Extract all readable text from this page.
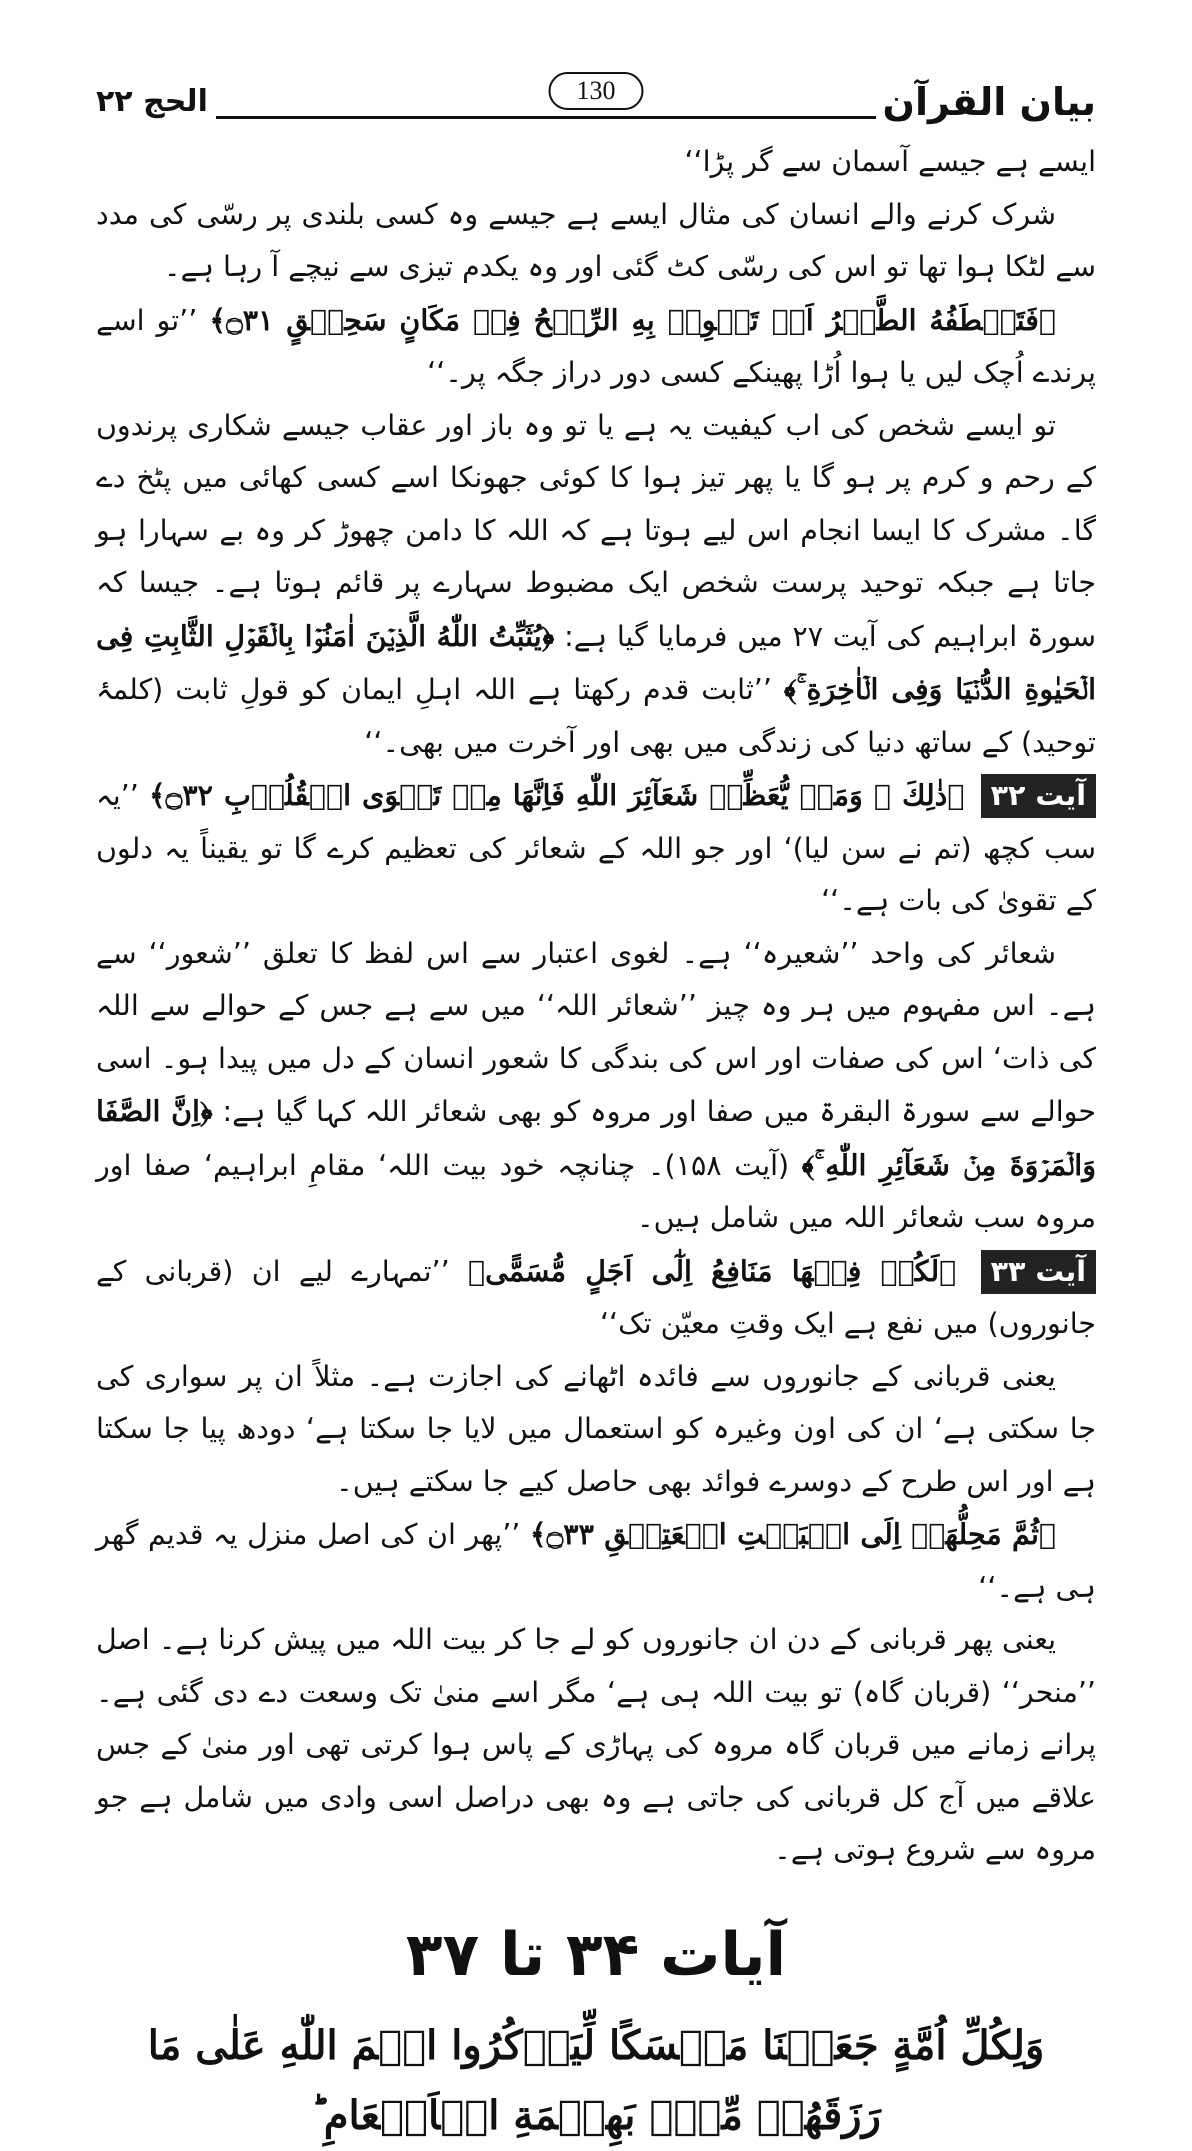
بیان القرآن
130
الحج ۲۲

ایسے ہے جیسے آسمان سے گر پڑا‘‘

شرک کرنے والے انسان کی مثال ایسے ہے جیسے وہ کسی بلندی پر رسّی کی مدد سے لٹکا ہوا تھا تو اس کی رسّی کٹ گئی اور وہ یکدم تیزی سے نیچے آ رہا ہے۔

﴿فَتَخۡطَفُهُ الطَّيۡرُ اَوۡ تَهۡوِیۡ بِهِ الرِّيۡحُ فِیۡ مَكَانٍ سَحِيۡقٍ ۝۳۱﴾ ’’تو اسے پرندے اُچک لیں یا ہوا اُڑا پھینکے کسی دور دراز جگہ پر۔‘‘

تو ایسے شخص کی اب کیفیت یہ ہے یا تو وہ باز اور عقاب جیسے شکاری پرندوں کے رحم و کرم پر ہو گا یا پھر تیز ہوا کا کوئی جھونکا اسے کسی کھائی میں پٹخ دے گا۔ مشرک کا ایسا انجام اس لیے ہوتا ہے کہ اللہ کا دامن چھوڑ کر وہ بے سہارا ہو جاتا ہے جبکہ توحید پرست شخص ایک مضبوط سہارے پر قائم ہوتا ہے۔ جیسا کہ سورۃ ابراہیم کی آیت ۲۷ میں فرمایا گیا ہے: ﴿يُثَبِّتُ اللّٰهُ الَّذِيۡنَ اٰمَنُوۡا بِالۡقَوۡلِ الثَّابِتِ فِی الۡحَيٰوةِ الدُّنۡيَا وَفِی الۡاٰخِرَةِ ۚ﴾ ’’ثابت قدم رکھتا ہے اللہ اہلِ ایمان کو قولِ ثابت (کلمۂ توحید) کے ساتھ دنیا کی زندگی میں بھی اور آخرت میں بھی۔‘‘

آیت ۳۲ ﴿ذٰلِكَ ۗ وَمَنۡ يُّعَظِّمۡ شَعَآئِرَ اللّٰهِ فَاِنَّهَا مِنۡ تَقۡوَى الۡقُلُوۡبِ ۝۳۲﴾ ’’یہ سب کچھ (تم نے سن لیا)‘ اور جو اللہ کے شعائر کی تعظیم کرے گا تو یقیناً یہ دلوں کے تقویٰ کی بات ہے۔‘‘

شعائر کی واحد ’’شعیرہ‘‘ ہے۔ لغوی اعتبار سے اس لفظ کا تعلق ’’شعور‘‘ سے ہے۔ اس مفہوم میں ہر وہ چیز ’’شعائر اللہ‘‘ میں سے ہے جس کے حوالے سے اللہ کی ذات‘ اس کی صفات اور اس کی بندگی کا شعور انسان کے دل میں پیدا ہو۔ اسی حوالے سے سورۃ البقرۃ میں صفا اور مروہ کو بھی شعائر اللہ کہا گیا ہے: ﴿اِنَّ الصَّفَا وَالۡمَرۡوَةَ مِنۡ شَعَآئِرِ اللّٰهِ ۚ﴾ (آیت ۱۵۸)۔ چنانچہ خود بیت اللہ‘ مقامِ ابراہیم‘ صفا اور مروہ سب شعائر اللہ میں شامل ہیں۔

آیت ۳۳ ﴿لَكُمۡ فِيۡهَا مَنَافِعُ اِلٰٓى اَجَلٍ مُّسَمًّى﴾ ’’تمہارے لیے ان (قربانی کے جانوروں) میں نفع ہے ایک وقتِ معیّن تک‘‘

یعنی قربانی کے جانوروں سے فائدہ اٹھانے کی اجازت ہے۔ مثلاً ان پر سواری کی جا سکتی ہے‘ ان کی اون وغیرہ کو استعمال میں لایا جا سکتا ہے‘ دودھ پیا جا سکتا ہے اور اس طرح کے دوسرے فوائد بھی حاصل کیے جا سکتے ہیں۔

﴿ثُمَّ مَحِلُّهَاۤ اِلَى الۡبَيۡتِ الۡعَتِيۡقِ ۝۳۳﴾ ’’پھر ان کی اصل منزل یہ قدیم گھر ہی ہے۔‘‘

یعنی پھر قربانی کے دن ان جانوروں کو لے جا کر بیت اللہ میں پیش کرنا ہے۔ اصل ’’منحر‘‘ (قربان گاہ) تو بیت اللہ ہی ہے‘ مگر اسے منیٰ تک وسعت دے دی گئی ہے۔ پرانے زمانے میں قربان گاہ مروہ کی پہاڑی کے پاس ہوا کرتی تھی اور منیٰ کے جس علاقے میں آج کل قربانی کی جاتی ہے وہ بھی دراصل اسی وادی میں شامل ہے جو مروہ سے شروع ہوتی ہے۔

آیات ۳۴ تا ۳۷
وَلِكُلِّ اُمَّةٍ جَعَلۡنَا مَنۡسَكًا لِّيَذۡكُرُوا اسۡمَ اللّٰهِ عَلٰى مَا رَزَقَهُمۡ مِّنۡۢ بَهِيۡمَةِ الۡاَنۡعَامِ ؕ
